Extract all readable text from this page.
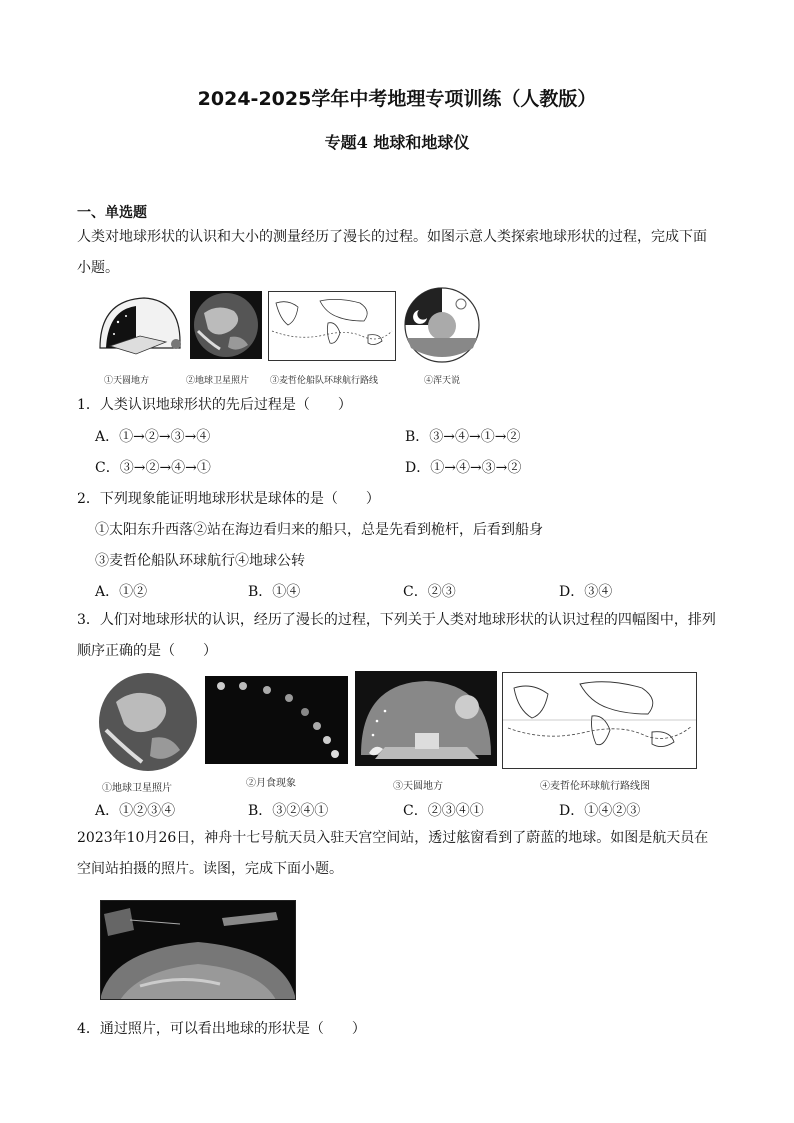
2024-2025学年中考地理专项训练（人教版）
专题4 地球和地球仪
一、单选题
人类对地球形状的认识和大小的测量经历了漫长的过程。如图示意人类探索地球形状的过程，完成下面小题。
①天圆地方	②地球卫星照片 ③麦哲伦船队环球航行路线	④浑天说
1．人类认识地球形状的先后过程是（　　）
A．①→②→③→④	B．③→④→①→②
C．③→②→④→①	D．①→④→③→②
2．下列现象能证明地球形状是球体的是（　　）
①太阳东升西落②站在海边看归来的船只，总是先看到桅杆，后看到船身
③麦哲伦船队环球航行④地球公转
A．①②	B．①④	C．②③	D．③④
3．人们对地球形状的认识，经历了漫长的过程，下列关于人类对地球形状的认识过程的四幅图中，排列顺序正确的是（　　）
①地球卫星照片	②月食现象	③天圆地方	④麦哲伦环球航行路线图
A．①②③④	B．③②④①	C．②③④①	D．①④②③
2023年10月26日，神舟十七号航天员入驻天宫空间站，透过舷窗看到了蔚蓝的地球。如图是航天员在空间站拍摄的照片。读图，完成下面小题。
4．通过照片，可以看出地球的形状是（　　）
